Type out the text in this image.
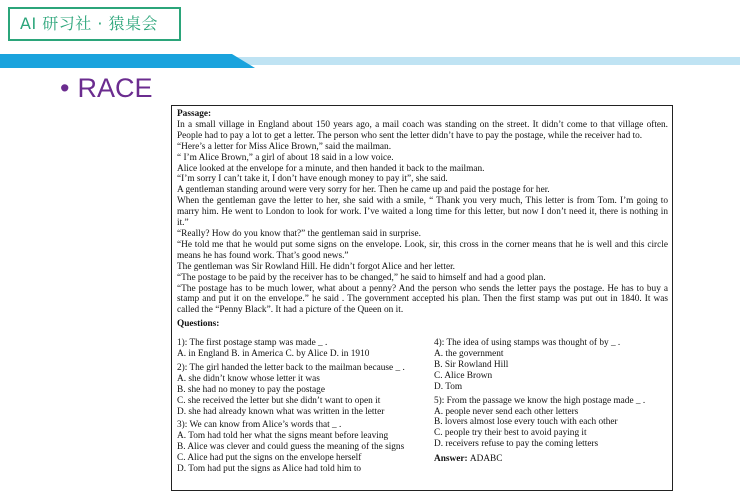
AI 研习社 · 猿桌会
• RACE
Passage:

In a small village in England about 150 years ago, a mail coach was standing on the street. It didn’t come to that village often. People had to pay a lot to get a letter. The person who sent the letter didn’t have to pay the postage, while the receiver had to.

“Here’s a letter for Miss Alice Brown,” said the mailman.

“ I’m Alice Brown,” a girl of about 18 said in a low voice.

Alice looked at the envelope for a minute, and then handed it back to the mailman.

“I’m sorry I can’t take it, I don’t have enough money to pay it”, she said.

A gentleman standing around were very sorry for her. Then he came up and paid the postage for her.

When the gentleman gave the letter to her, she said with a smile, “ Thank you very much, This letter is from Tom. I’m going to marry him. He went to London to look for work. I’ve waited a long time for this letter, but now I don’t need it, there is nothing in it.”

“Really? How do you know that?” the gentleman said in surprise.

“He told me that he would put some signs on the envelope. Look, sir, this cross in the corner means that he is well and this circle means he has found work. That’s good news.”

The gentleman was Sir Rowland Hill. He didn’t forgot Alice and her letter.

“The postage to be paid by the receiver has to be changed,” he said to himself and had a good plan.

“The postage has to be much lower, what about a penny? And the person who sends the letter pays the postage. He has to buy a stamp and put it on the envelope.” he said . The government accepted his plan. Then the first stamp was put out in 1840. It was called the “Penny Black”. It had a picture of the Queen on it.

Questions:

1): The first postage stamp was made _ .

A. in England B. in America C. by Alice D. in 1910

2): The girl handed the letter back to the mailman because _ .

A. she didn’t know whose letter it was

B. she had no money to pay the postage

C. she received the letter but she didn’t want to open it

D. she had already known what was written in the letter

3): We can know from Alice’s words that _ .

A. Tom had told her what the signs meant before leaving

B. Alice was clever and could guess the meaning of the signs

C. Alice had put the signs on the envelope herself

D. Tom had put the signs as Alice had told him to

4): The idea of using stamps was thought of by _ .

A. the government

B. Sir Rowland Hill

C. Alice Brown

D. Tom

5): From the passage we know the high postage made _ .

A. people never send each other letters

B. lovers almost lose every touch with each other

C. people try their best to avoid paying it

D. receivers refuse to pay the coming letters

Answer: ADABC
